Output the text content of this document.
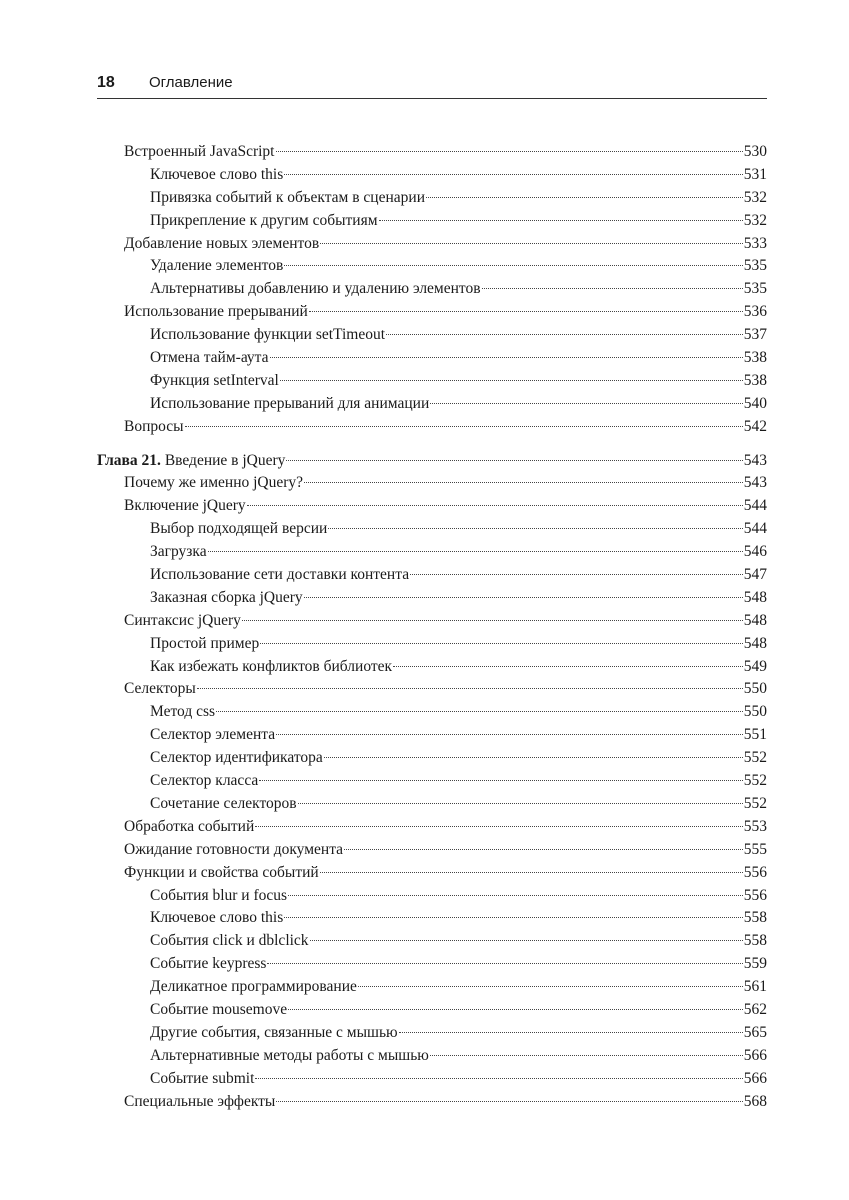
18 Оглавление
Встроенный JavaScript	530
Ключевое слово this	531
Привязка событий к объектам в сценарии	532
Прикрепление к другим событиям	532
Добавление новых элементов	533
Удаление элементов	535
Альтернативы добавлению и удалению элементов	535
Использование прерываний	536
Использование функции setTimeout	537
Отмена тайм-аута	538
Функция setInterval	538
Использование прерываний для анимации	540
Вопросы	542
Глава 21. Введение в jQuery	543
Почему же именно jQuery?	543
Включение jQuery	544
Выбор подходящей версии	544
Загрузка	546
Использование сети доставки контента	547
Заказная сборка jQuery	548
Синтаксис jQuery	548
Простой пример	548
Как избежать конфликтов библиотек	549
Селекторы	550
Метод css	550
Селектор элемента	551
Селектор идентификатора	552
Селектор класса	552
Сочетание селекторов	552
Обработка событий	553
Ожидание готовности документа	555
Функции и свойства событий	556
События blur и focus	556
Ключевое слово this	558
События click и dblclick	558
Событие keypress	559
Деликатное программирование	561
Событие mousemove	562
Другие события, связанные с мышью	565
Альтернативные методы работы с мышью	566
Событие submit	566
Специальные эффекты	568
